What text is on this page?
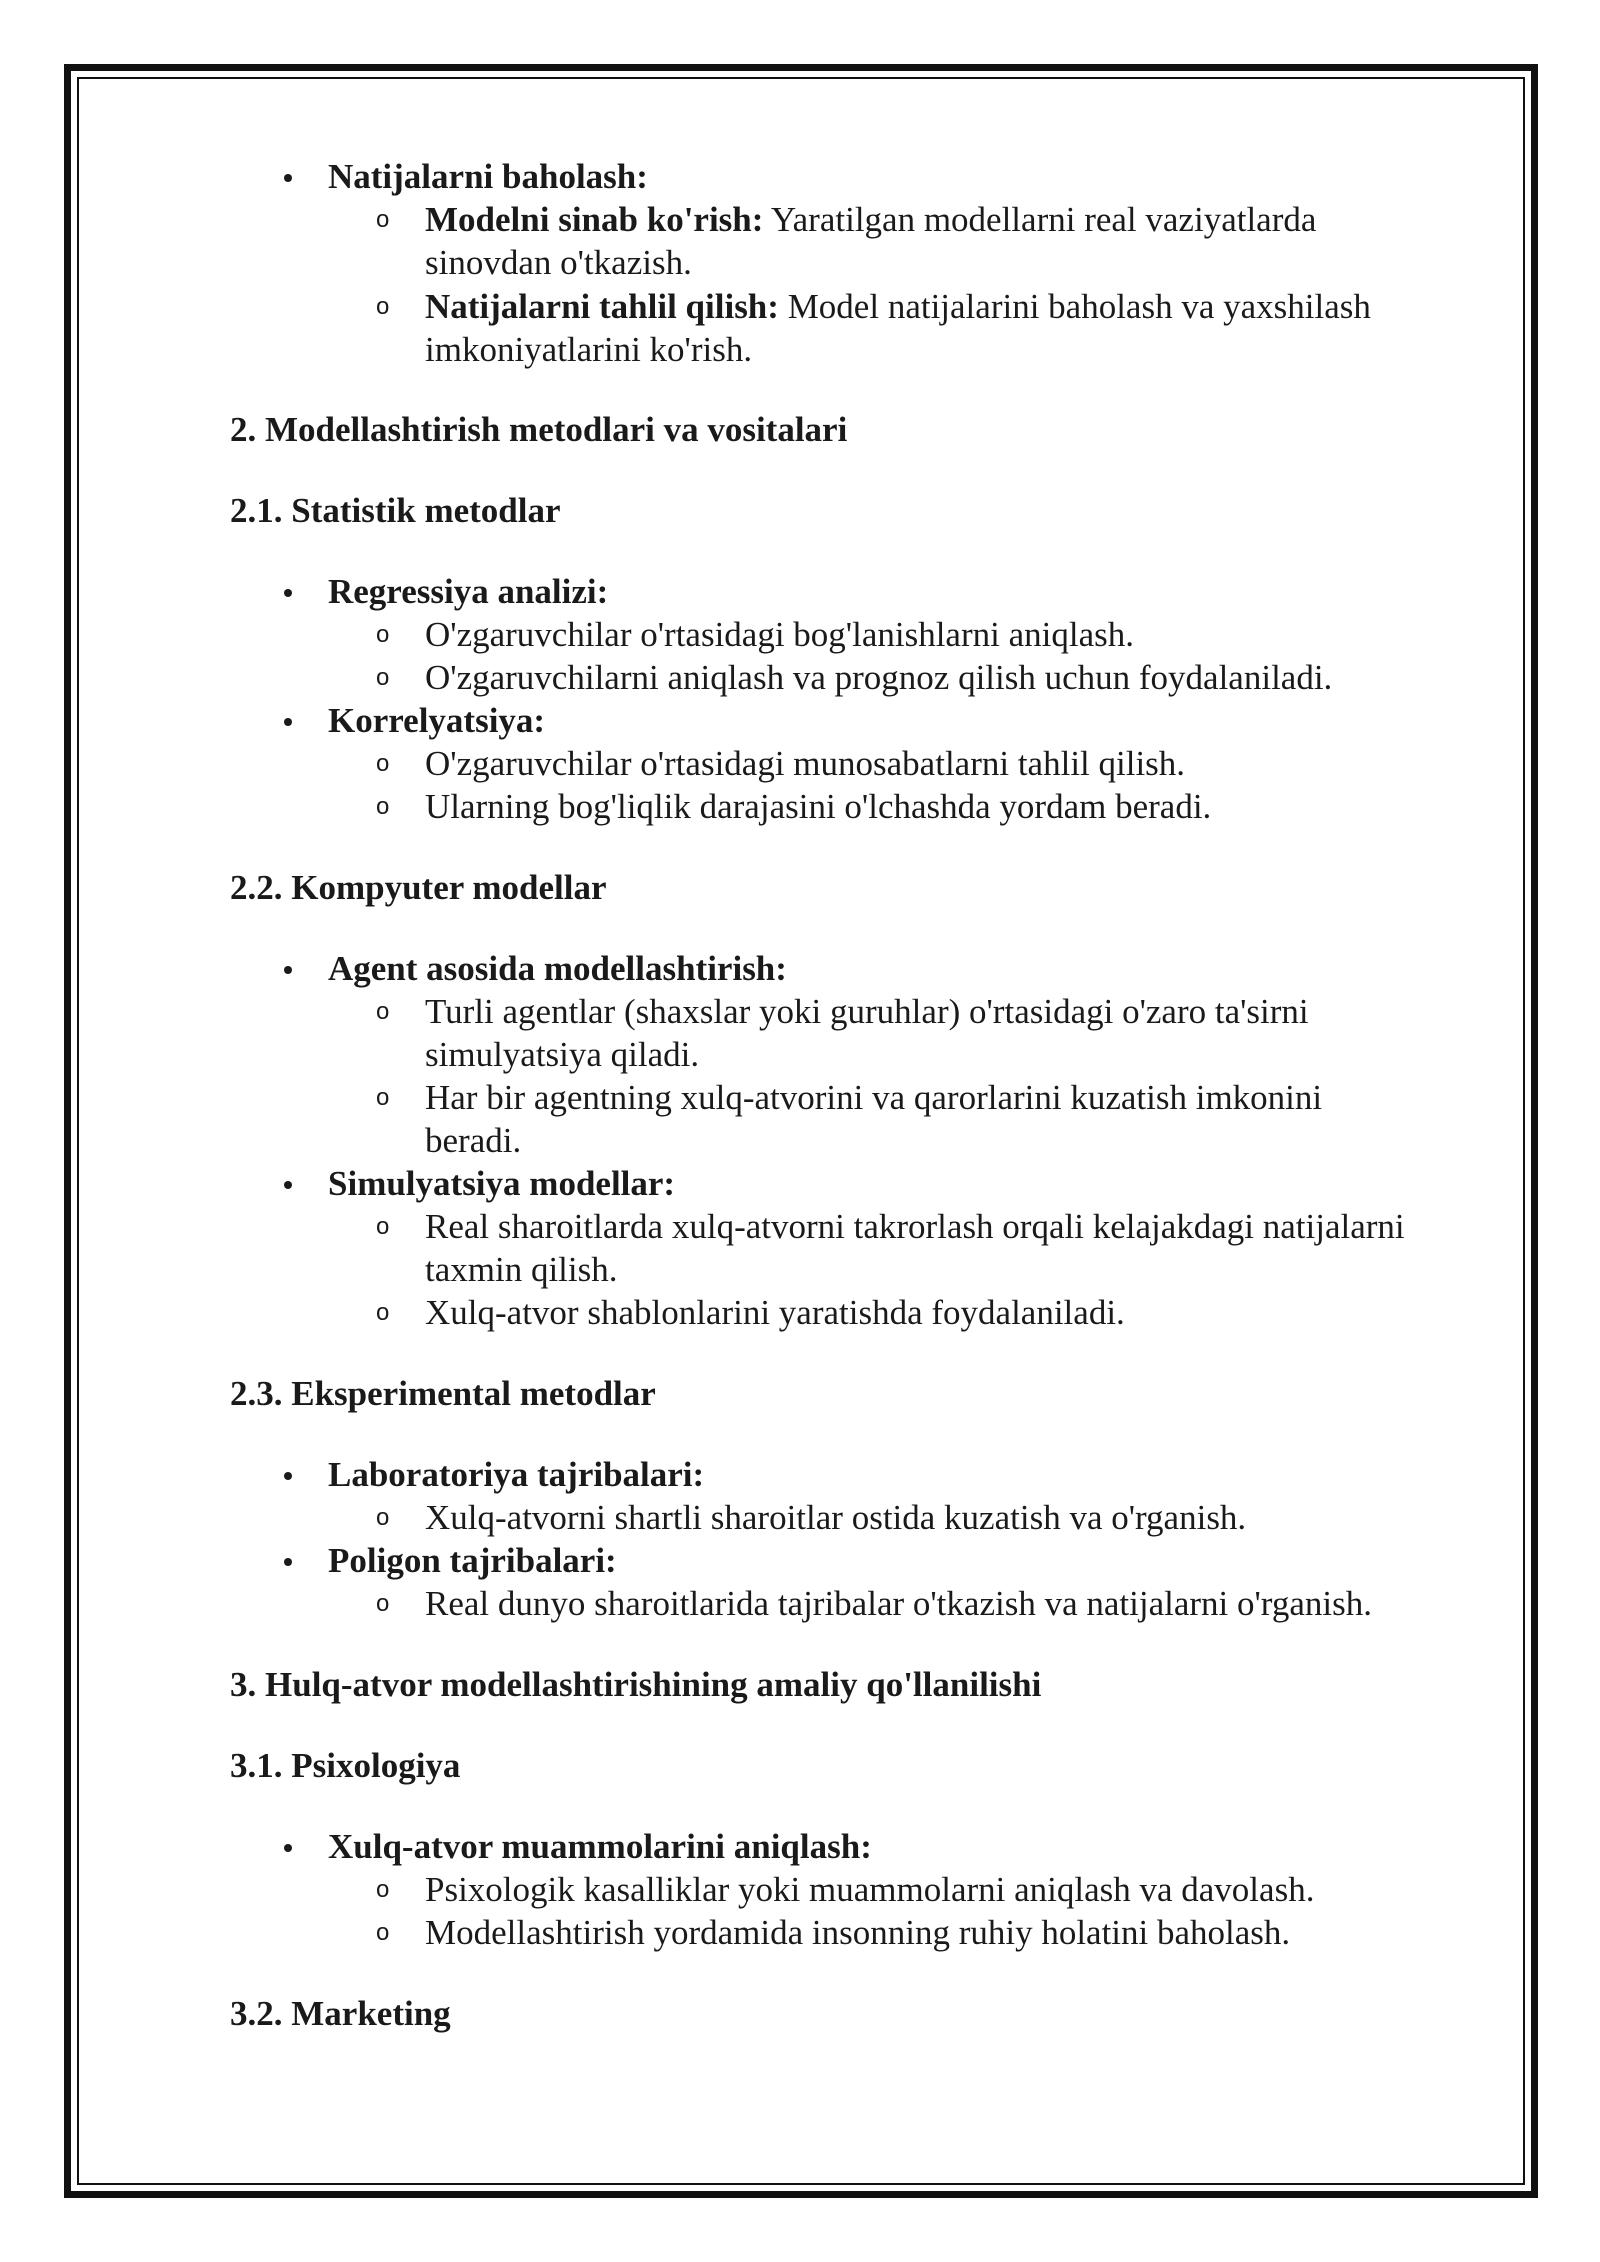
Natijalarni baholash:
o Modelni sinab ko'rish: Yaratilgan modellarni real vaziyatlarda
sinovdan o'tkazish.
o Natijalarni tahlil qilish: Model natijalarini baholash va yaxshilash
imkoniyatlarini ko'rish.
2. Modellashtirish metodlari va vositalari
2.1. Statistik metodlar
Regressiya analizi:
o O'zgaruvchilar o'rtasidagi bog'lanishlarni aniqlash.
o O'zgaruvchilarni aniqlash va prognoz qilish uchun foydalaniladi.
Korrelyatsiya:
o O'zgaruvchilar o'rtasidagi munosabatlarni tahlil qilish.
o Ularning bog'liqlik darajasini o'lchashda yordam beradi.
2.2. Kompyuter modellar
Agent asosida modellashtirish:
o Turli agentlar (shaxslar yoki guruhlar) o'rtasidagi o'zaro ta'sirni
simulyatsiya qiladi.
o Har bir agentning xulq-atvorini va qarorlarini kuzatish imkonini
beradi.
Simulyatsiya modellar:
o Real sharoitlarda xulq-atvorni takrorlash orqali kelajakdagi natijalarni
taxmin qilish.
o Xulq-atvor shablonlarini yaratishda foydalaniladi.
2.3. Eksperimental metodlar
Laboratoriya tajribalari:
o Xulq-atvorni shartli sharoitlar ostida kuzatish va o'rganish.
Poligon tajribalari:
o Real dunyo sharoitlarida tajribalar o'tkazish va natijalarni o'rganish.
3. Hulq-atvor modellashtirishining amaliy qo'llanilishi
3.1. Psixologiya
Xulq-atvor muammolarini aniqlash:
o Psixologik kasalliklar yoki muammolarni aniqlash va davolash.
o Modellashtirish yordamida insonning ruhiy holatini baholash.
3.2. Marketing
